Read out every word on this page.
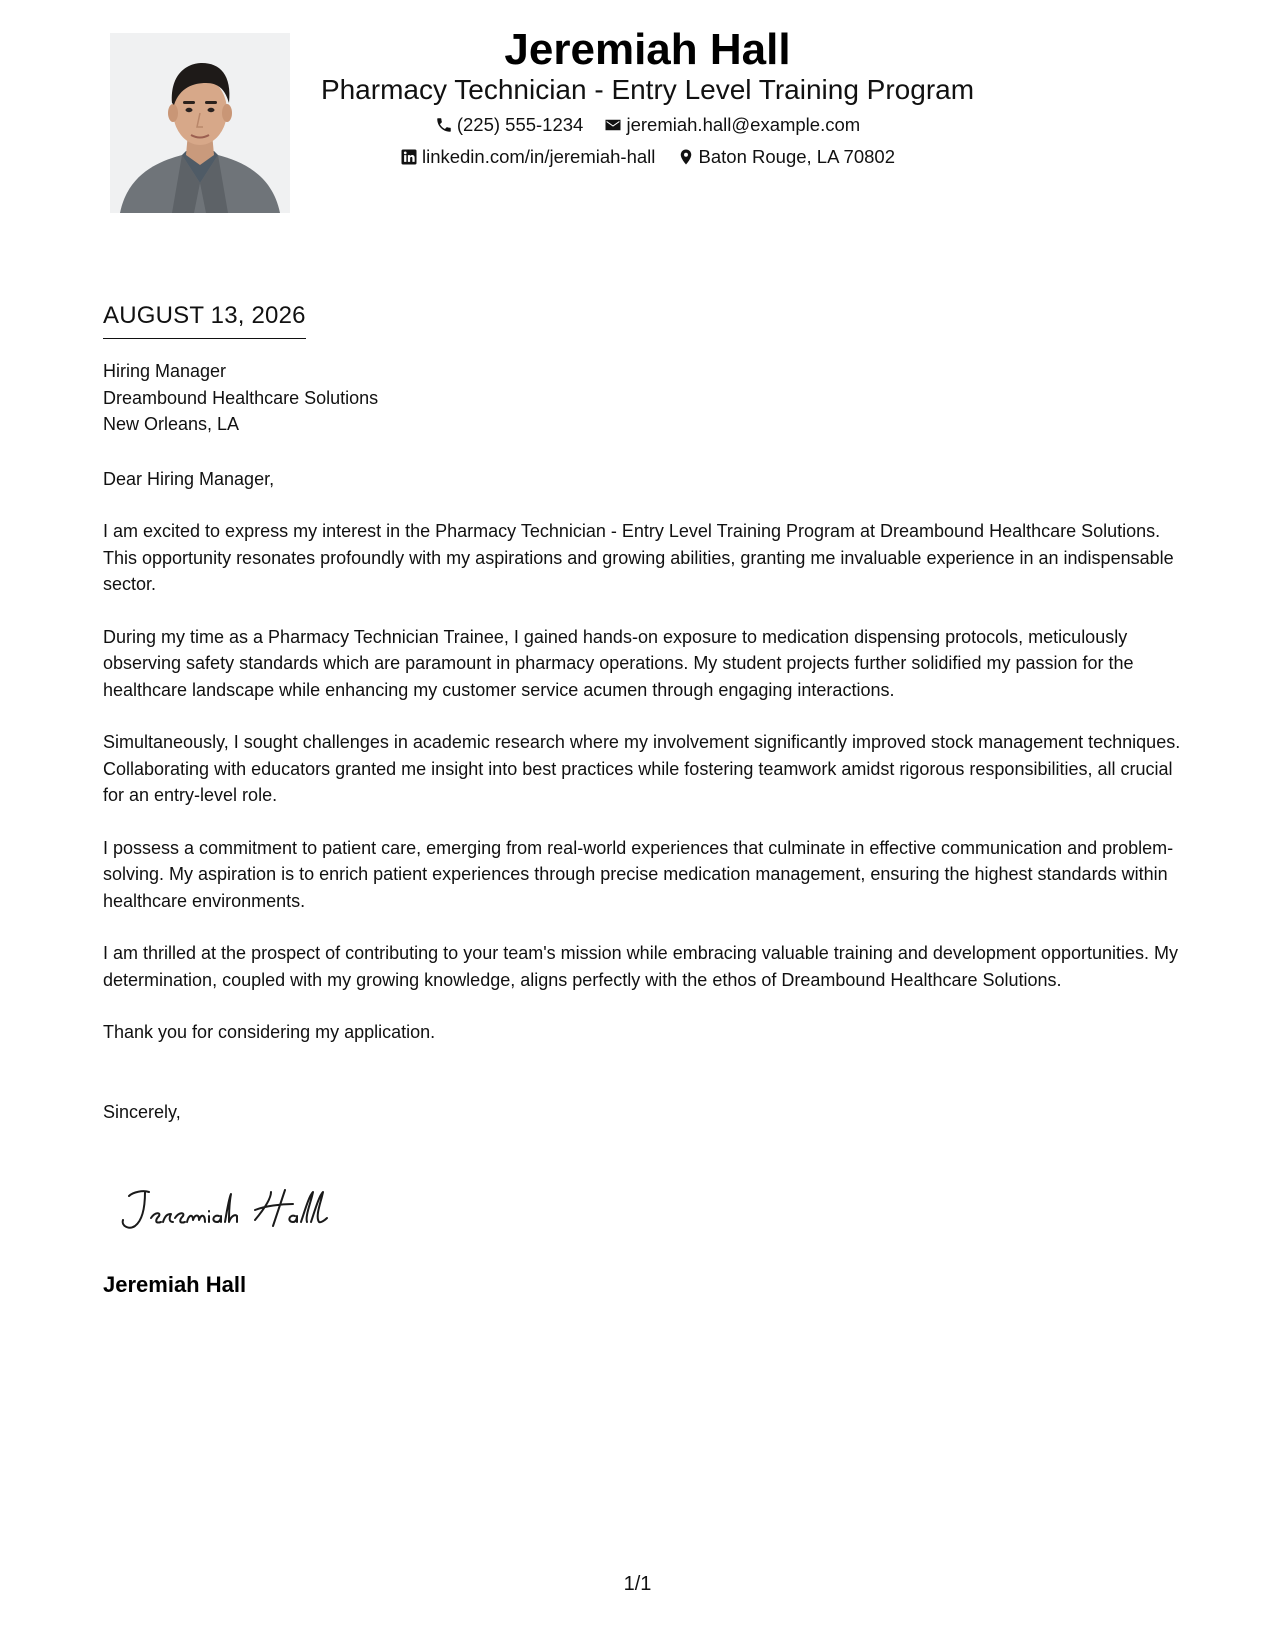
Jeremiah Hall
Pharmacy Technician - Entry Level Training Program
(225) 555-1234
jeremiah.hall@example.com
linkedin.com/in/jeremiah-hall
Baton Rouge, LA 70802
AUGUST 13, 2026

Hiring Manager

Dreambound Healthcare Solutions

New Orleans, LA

Dear Hiring Manager,

I am excited to express my interest in the Pharmacy Technician - Entry Level Training Program at Dreambound Healthcare Solutions. This opportunity resonates profoundly with my aspirations and growing abilities, granting me invaluable experience in an indispensable sector.

During my time as a Pharmacy Technician Trainee, I gained hands-on exposure to medication dispensing protocols, meticulously observing safety standards which are paramount in pharmacy operations. My student projects further solidified my passion for the healthcare landscape while enhancing my customer service acumen through engaging interactions.

Simultaneously, I sought challenges in academic research where my involvement significantly improved stock management techniques. Collaborating with educators granted me insight into best practices while fostering teamwork amidst rigorous responsibilities, all crucial for an entry-level role.

I possess a commitment to patient care, emerging from real-world experiences that culminate in effective communication and problem-solving. My aspiration is to enrich patient experiences through precise medication management, ensuring the highest standards within healthcare environments.

I am thrilled at the prospect of contributing to your team's mission while embracing valuable training and development opportunities. My determination, coupled with my growing knowledge, aligns perfectly with the ethos of Dreambound Healthcare Solutions.

Thank you for considering my application.

Sincerely,

Jeremiah Hall
1/1
